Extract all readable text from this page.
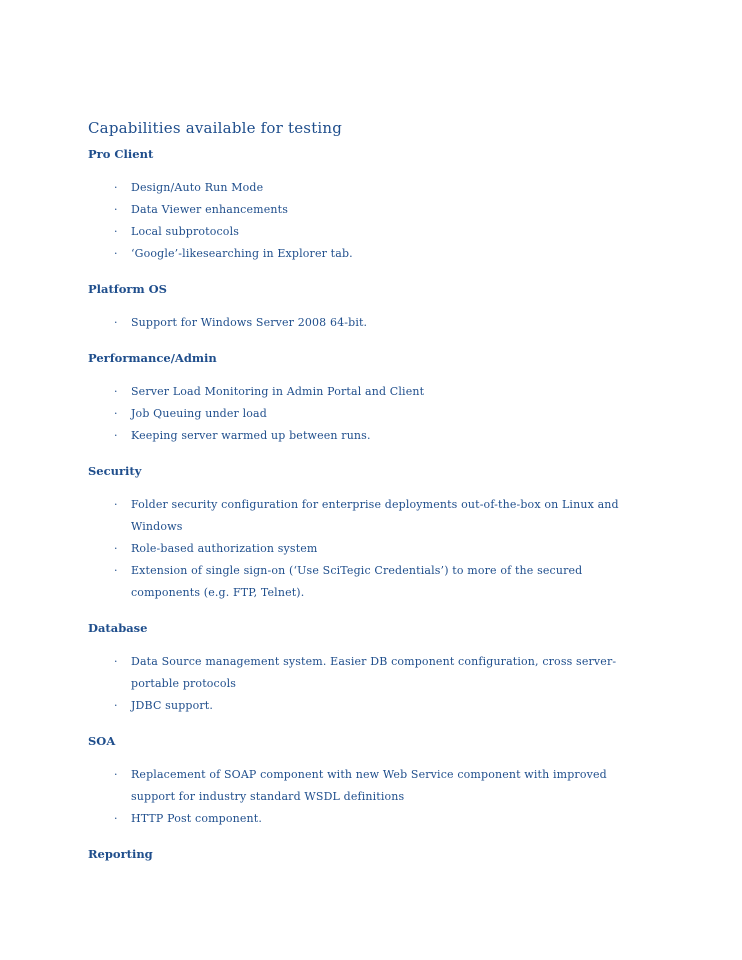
Capabilities available for testing
Pro Client
· Design/Auto Run Mode
· Data Viewer enhancements
· Local subprotocols
· ‘Google’-likesearching in Explorer tab.
Platform OS
· Support for Windows Server 2008 64-bit.
Performance/Admin
· Server Load Monitoring in Admin Portal and Client
· Job Queuing under load
· Keeping server warmed up between runs.
Security
· Folder security configuration for enterprise deployments out-of-the-box on Linux and Windows
· Role-based authorization system
· Extension of single sign-on (‘Use SciTegic Credentials’) to more of the secured components (e.g. FTP, Telnet).
Database
· Data Source management system. Easier DB component configuration, cross server-portable protocols
· JDBC support.
SOA
· Replacement of SOAP component with new Web Service component with improved support for industry standard WSDL definitions
· HTTP Post component.
Reporting
